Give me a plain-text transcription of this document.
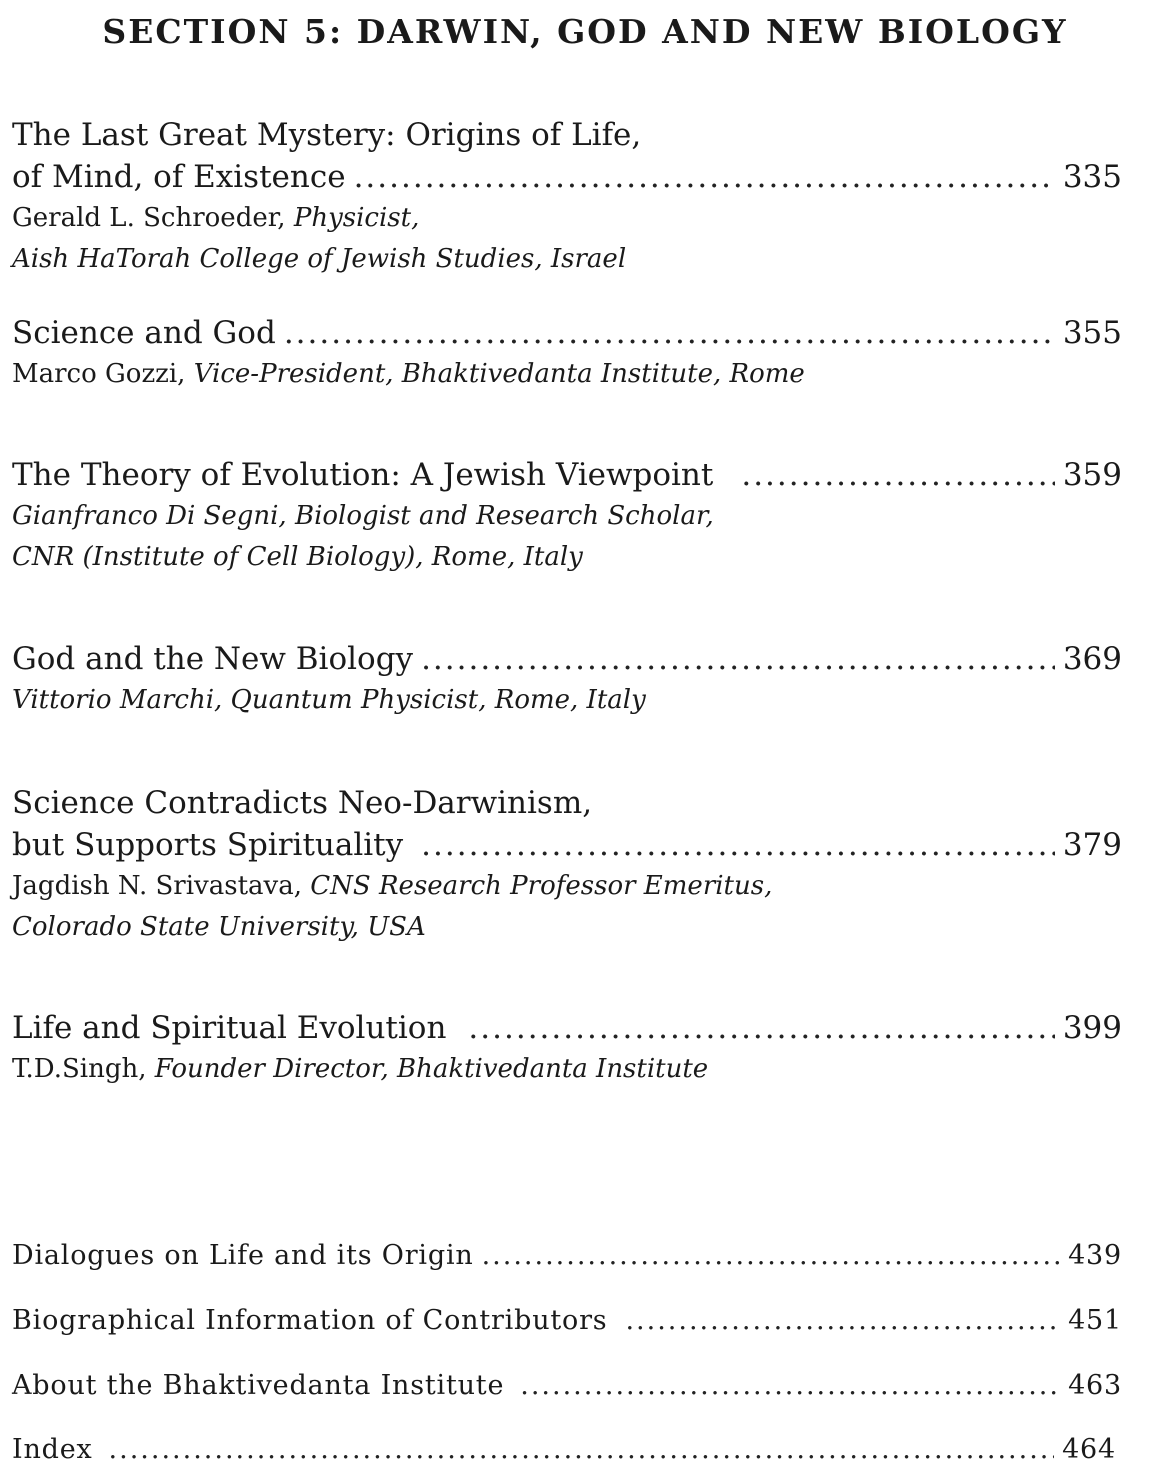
SECTION 5: DARWIN, GOD AND NEW BIOLOGY
The Last Great Mystery: Origins of Life,
of Mind, of Existence .....	335
Gerald L. Schroeder, Physicist,
Aish HaTorah College of Jewish Studies, Israel
Science and God .....	355
Marco Gozzi, Vice-President, Bhaktivedanta Institute, Rome
The Theory of Evolution: A Jewish Viewpoint .....	359
Gianfranco Di Segni, Biologist and Research Scholar,
CNR (Institute of Cell Biology), Rome, Italy
God and the New Biology .....	369
Vittorio Marchi, Quantum Physicist, Rome, Italy
Science Contradicts Neo-Darwinism,
but Supports Spirituality .....	379
Jagdish N. Srivastava, CNS Research Professor Emeritus,
Colorado State University, USA
Life and Spiritual Evolution .....	399
T.D.Singh, Founder Director, Bhaktivedanta Institute
Dialogues on Life and its Origin .....	439
Biographical Information of Contributors .....	451
About the Bhaktivedanta Institute .....	463
Index .....	464
